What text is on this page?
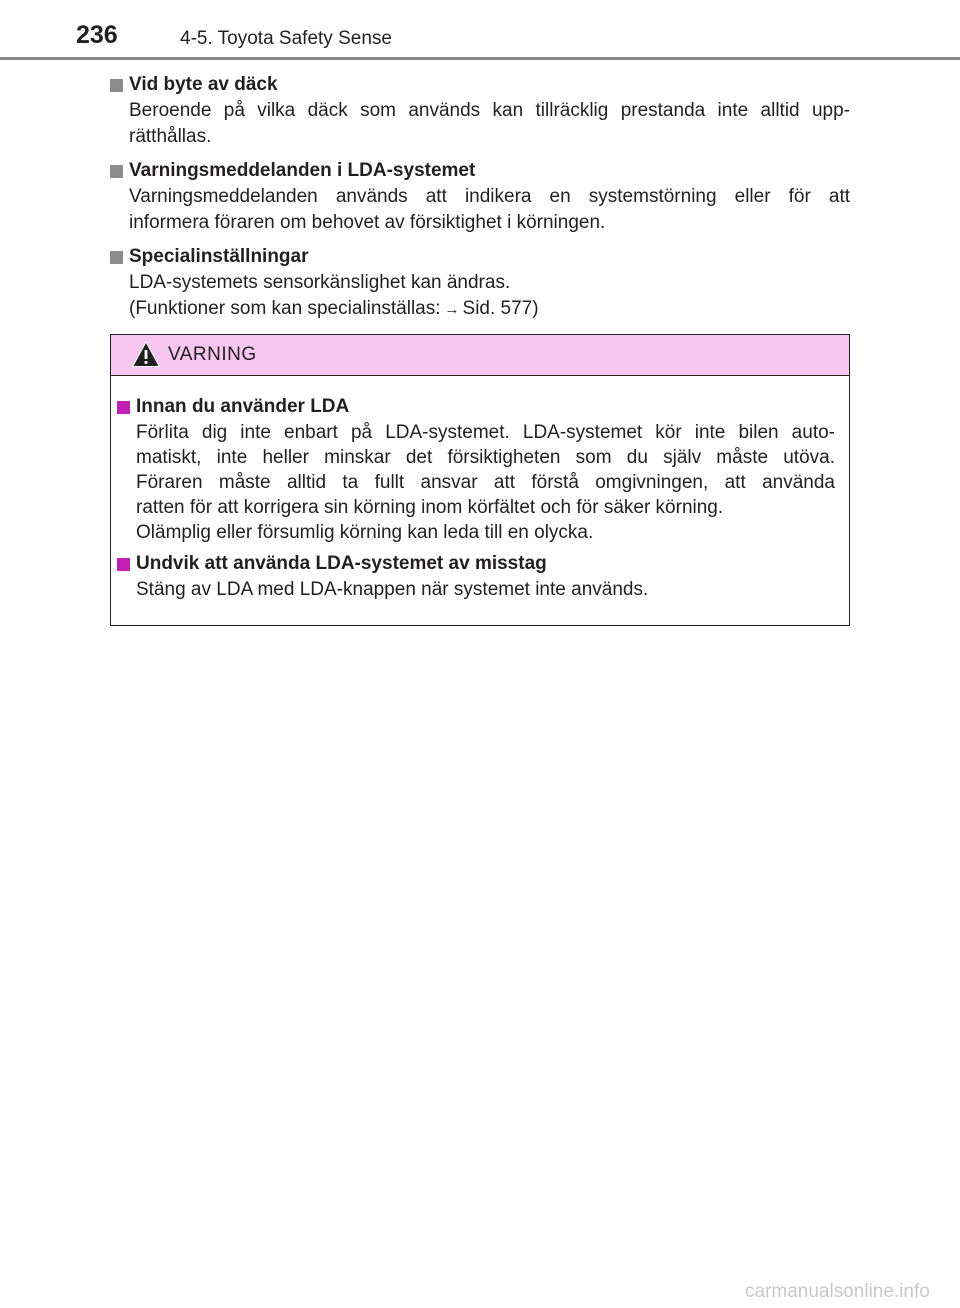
236	4-5. Toyota Safety Sense
Vid byte av däck
Beroende på vilka däck som används kan tillräcklig prestanda inte alltid upp-
rätthållas.
Varningsmeddelanden i LDA-systemet
Varningsmeddelanden används att indikera en systemstörning eller för att
informera föraren om behovet av försiktighet i körningen.
Specialinställningar
LDA-systemets sensorkänslighet kan ändras.
(Funktioner som kan specialinställas: → Sid. 577)
VARNING
Innan du använder LDA
Förlita dig inte enbart på LDA-systemet. LDA-systemet kör inte bilen auto-
matiskt, inte heller minskar det försiktigheten som du själv måste utöva.
Föraren måste alltid ta fullt ansvar att förstå omgivningen, att använda
ratten för att korrigera sin körning inom körfältet och för säker körning.
Olämplig eller försumlig körning kan leda till en olycka.
Undvik att använda LDA-systemet av misstag
Stäng av LDA med LDA-knappen när systemet inte används.
carmanualsonline.info
